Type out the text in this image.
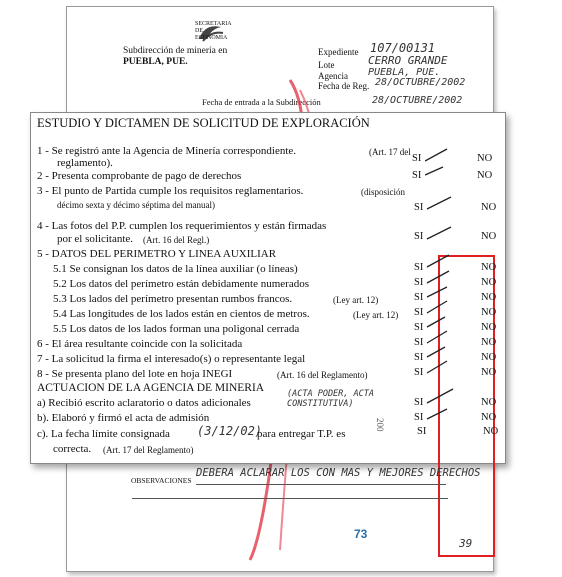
SECRETARIA DE ECONOMIA
Subdirección de minería en
PUEBLA, PUE.
Expediente 107/00131
Lote	CERRO GRANDE
Agencia PUEBLA, PUE.
Fecha de Reg. 28/OCTUBRE/2002
Fecha de entrada a la Subdirección	28/OCTUBRE/2002
ESTUDIO Y DICTAMEN DE SOLICITUD DE EXPLORACIÓN
1 - Se registró ante la Agencia de Minería correspondiente.	(Art. 17 del
reglamento).	SI	NO
2 - Presenta comprobante de pago de derechos	SI	NO
3 - El punto de Partida cumple los requisitos reglamentarios.	(disposición
décimo sexta y décimo séptima del manual)	SI	NO
4 - Las fotos del P.P. cumplen los requerimientos y están firmadas
por el solicitante. (Art. 16 del Regl.)	SI	NO
5 - DATOS DEL PERIMETRO Y LINEA AUXILIAR
5.1 Se consignan los datos de la línea auxiliar (o líneas)	SI	NO
5.2 Los datos del perímetro están debidamente numerados	SI	NO
5.3 Los lados del perímetro presentan rumbos francos.	(Ley art. 12)	SI	NO
5.4 Las longitudes de los lados están en cientos de metros.	(Ley art. 12) SI	NO
5.5 Los datos de los lados forman una poligonal cerrada	SI	NO
6 - El área resultante coincide con la solicitada	SI	NO
7 - La solicitud la firma el interesado(s) o representante legal	SI	NO
8 - Se presenta plano del lote en hoja INEGI	(Art. 16 del Reglamento)	SI	NO
ACTUACION DE LA AGENCIA DE MINERIA
a) Recibió escrito aclaratorio o datos adicionales
(ACTA PODER, ACTA CONSTITUTIVA)	SI	NO
b). Elaboró y firmó el acta de admisión	SI	NO
c). La fecha límite consignada (3/12/02)
para entregar T.P. es
correcta. (Art. 17 del Reglamento)
SI	NO
200
OBSERVACIONES
DEBERA ACLARAR LOS CON MAS Y MEJORES DERECHOS
73
39
